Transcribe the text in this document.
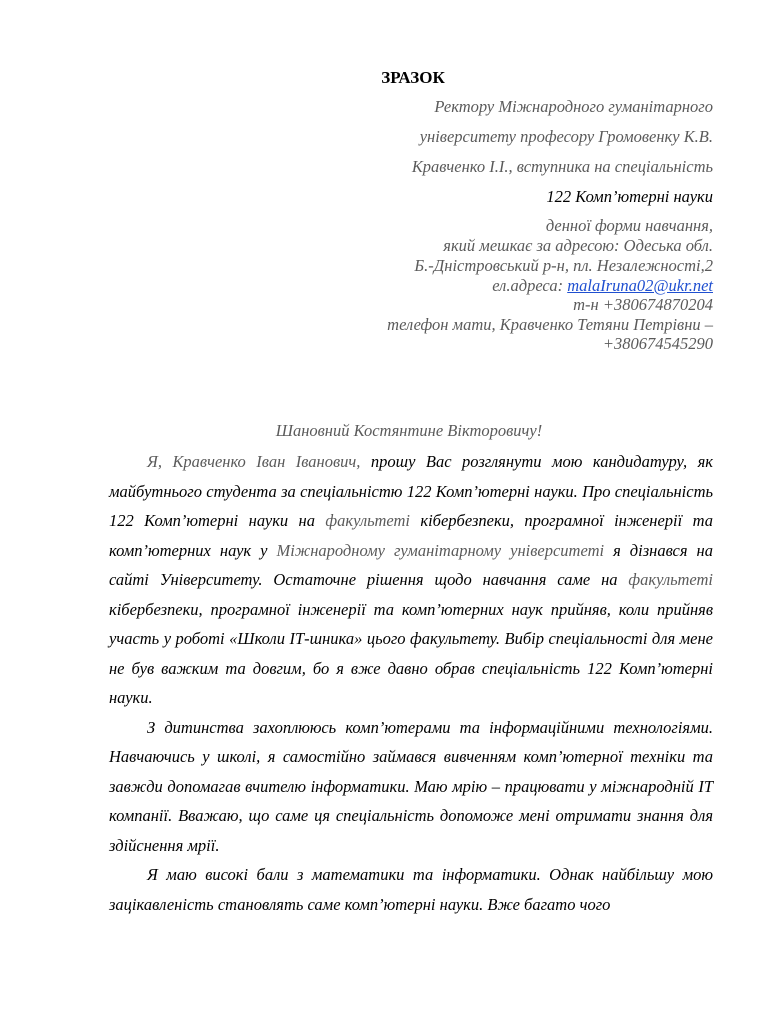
ЗРАЗОК
Ректору Міжнародного гуманітарного
університету професору Громовенку К.В.
Кравченко І.І., вступника на спеціальність
122 Комп’ютерні науки
денної форми навчання,
який мешкає за адресою: Одеська обл.
Б.-Дністровський р-н, пл. Незалежності,2
ел.адреса: malaIruna02@ukr.net
т-н +380674870204
телефон мати, Кравченко Тетяни Петрівни –
+380674545290
Шановний Костянтине Вікторовичу!

Я, Кравченко Іван Іванович, прошу Вас розглянути мою кандидатуру, як майбутнього студента за спеціальністю 122 Комп’ютерні науки. Про спеціальність 122 Комп’ютерні науки на факультеті кібербезпеки, програмної інженерії та комп’ютерних наук у Міжнародному гуманітарному університеті я дізнався на сайті Університету. Остаточне рішення щодо навчання саме на факультеті кібербезпеки, програмної інженерії та комп’ютерних наук прийняв, коли прийняв участь у роботі «Школи ІТ-шника» цього факультету. Вибір спеціальності для мене не був важким та довгим, бо я вже давно обрав спеціальність 122 Комп’ютерні науки.

З дитинства захоплююсь комп’ютерами та інформаційними технологіями. Навчаючись у школі, я самостійно займався вивченням комп’ютерної техніки та завжди допомагав вчителю інформатики. Маю мрію – працювати у міжнародній ІТ компанії. Вважаю, що саме ця спеціальність допоможе мені отримати знання для здійснення мрії.

Я маю високі бали з математики та інформатики. Однак найбільшу мою зацікавленість становлять саме комп’ютерні науки. Вже багато чого
